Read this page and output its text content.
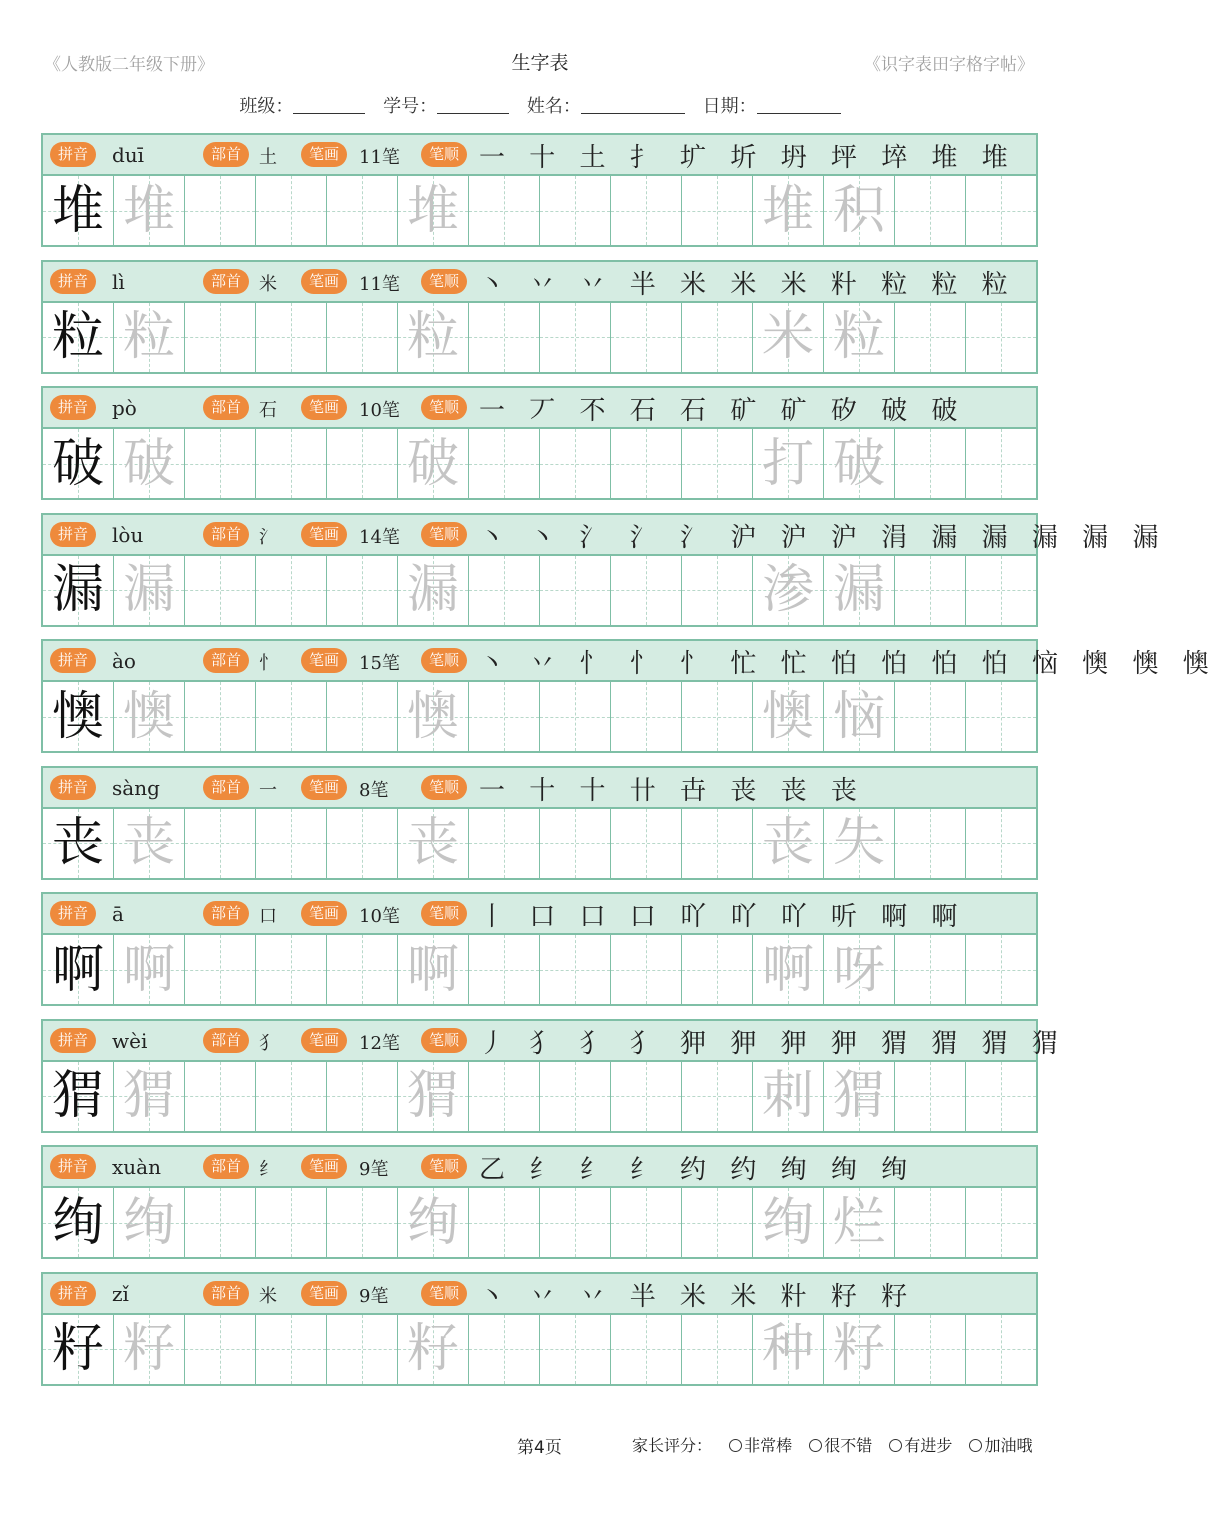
《人教版二年级下册》	生字表	《识字表田字格字帖》
班级：	学号：	姓名：	日期：
拼音	duī	部首	土	笔画	11笔	笔顺 一 十 土 扌 圹 圻 坍 坪 埣 堆 堆
堆 堆	堆	堆 积
拼音	lì	部首	米	笔画	11笔	笔顺 丶 丷 丷 半 米 米 米 籵 粒 粒 粒
粒 粒	粒	米 粒
拼音	pò	部首	石	笔画	10笔	笔顺 一 丆 不 石 石 矿 矿 矽 破 破
破 破	破	打 破
拼音	lòu	部首	氵	笔画	14笔	笔顺 丶 丶 氵 氵 氵 沪 沪 沪 涓 漏 漏 漏 漏 漏
漏 漏	漏	渗 漏
拼音	ào	部首	忄	笔画	15笔	笔顺 丶 丷 忄 忄 忄 忙 忙 怕 怕 怕 怕 恼 懊 懊 懊
懊 懊	懊	懊 恼
拼音	sàng	部首	一	笔画	8笔	笔顺 一 十 十 卄 卋 丧 丧 丧
丧 丧	丧	丧 失
拼音	ā	部首	口	笔画	10笔	笔顺 丨 口 口 口 吖 吖 吖 听 啊 啊
啊 啊	啊	啊 呀
拼音	wèi	部首	犭	笔画	12笔	笔顺 丿 犭 犭 犭 狎 狎 狎 狎 猬 猬 猬 猬
猬 猬	猬	刺 猬
拼音	xuàn	部首	纟	笔画	9笔	笔顺 乙 纟 纟 纟 约 约 绚 绚 绚
绚 绚	绚	绚 烂
拼音	zǐ	部首	米	笔画	9笔	笔顺 丶 丷 丷 半 米 米 籵 籽 籽
籽 籽	籽	种 籽
第4页	家长评分： 非常棒 很不错 有进步 加油哦
